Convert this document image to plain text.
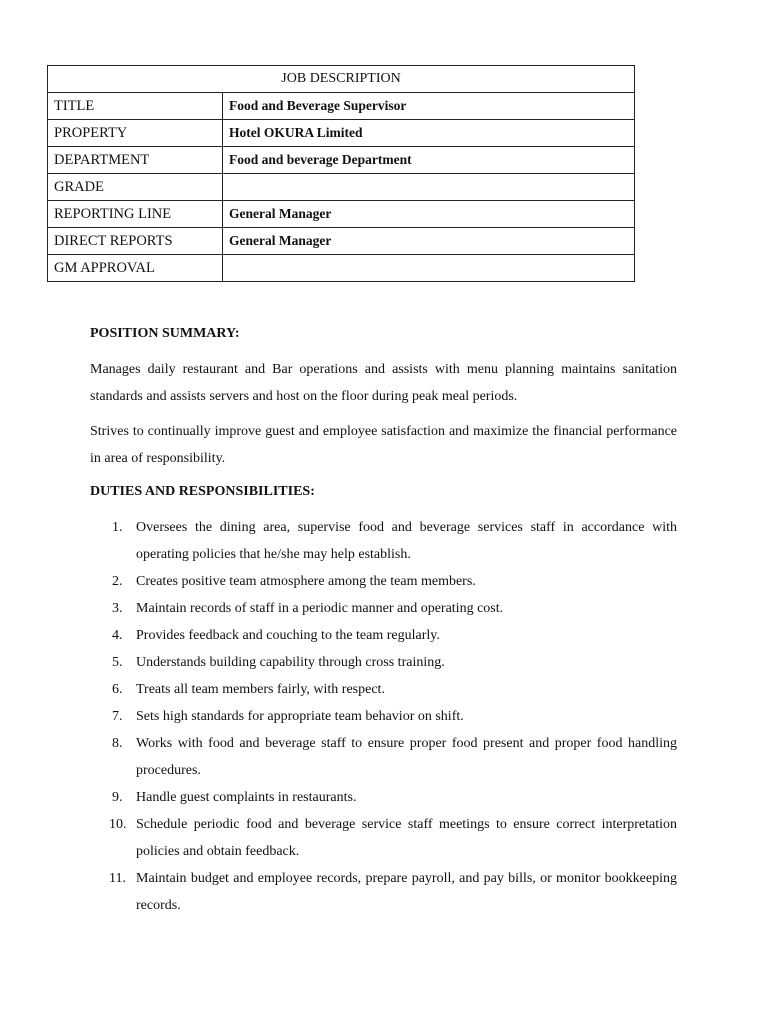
JOB DESCRIPTION	
TITLE	Food and Beverage Supervisor
PROPERTY	Hotel OKURA Limited
DEPARTMENT	Food and beverage Department
GRADE	
REPORTING LINE	General Manager
DIRECT REPORTS	General Manager
GM APPROVAL	

POSITION SUMMARY:

Manages daily restaurant and Bar operations and assists with menu planning maintains sanitation standards and assists servers and host on the floor during peak meal periods.

Strives to continually improve guest and employee satisfaction and maximize the financial performance in area of responsibility.

DUTIES AND RESPONSIBILITIES:

1. Oversees the dining area, supervise food and beverage services staff in accordance with operating policies that he/she may help establish.
2. Creates positive team atmosphere among the team members.
3. Maintain records of staff in a periodic manner and operating cost.
4. Provides feedback and couching to the team regularly.
5. Understands building capability through cross training.
6. Treats all team members fairly, with respect.
7. Sets high standards for appropriate team behavior on shift.
8. Works with food and beverage staff to ensure proper food present and proper food handling procedures.
9. Handle guest complaints in restaurants.
10. Schedule periodic food and beverage service staff meetings to ensure correct interpretation policies and obtain feedback.
11. Maintain budget and employee records, prepare payroll, and pay bills, or monitor bookkeeping records.
